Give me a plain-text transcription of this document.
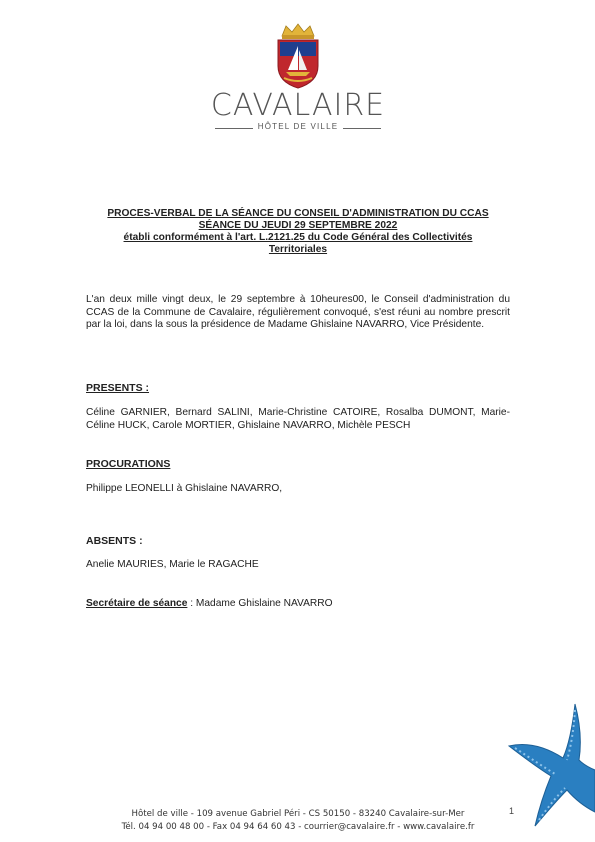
CAVALAIRE
HÔTEL DE VILLE
PROCES-VERBAL DE LA SÉANCE DU CONSEIL D'ADMINISTRATION DU CCAS
SÉANCE DU JEUDI 29 SEPTEMBRE 2022
établi conformément à l'art. L.2121.25 du Code Général des Collectivités
Territoriales
L'an deux mille vingt deux, le 29 septembre à 10heures00, le Conseil d'administration du CCAS de la Commune de Cavalaire, régulièrement convoqué, s'est réuni au nombre prescrit par la loi, dans la sous la présidence de Madame Ghislaine NAVARRO, Vice Présidente.
PRESENTS :
Céline GARNIER, Bernard SALINI, Marie-Christine CATOIRE, Rosalba DUMONT, Marie-Céline HUCK, Carole MORTIER, Ghislaine NAVARRO, Michèle PESCH
PROCURATIONS
Philippe LEONELLI à Ghislaine NAVARRO,
ABSENTS :
Anelie MAURIES, Marie le RAGACHE
Secrétaire de séance : Madame Ghislaine NAVARRO
Hôtel de ville - 109 avenue Gabriel Péri - CS 50150 - 83240 Cavalaire-sur-Mer
Tél. 04 94 00 48 00 - Fax 04 94 64 60 43 - courrier@cavalaire.fr - www.cavalaire.fr
1
